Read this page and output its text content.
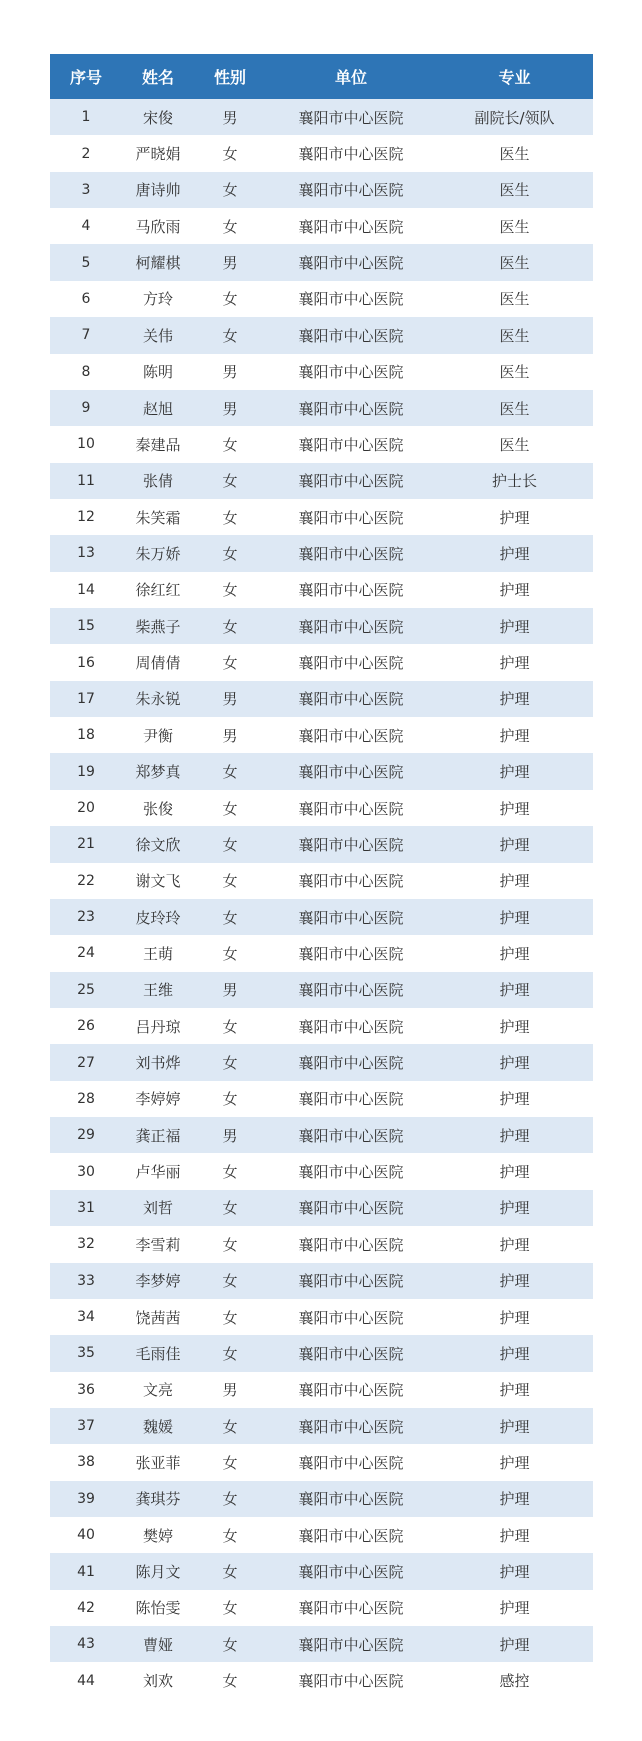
序号	姓名	性别	单位	专业
1	宋俊	男	襄阳市中心医院	副院长/领队
2	严晓娟	女	襄阳市中心医院	医生
3	唐诗帅	女	襄阳市中心医院	医生
4	马欣雨	女	襄阳市中心医院	医生
5	柯耀棋	男	襄阳市中心医院	医生
6	方玲	女	襄阳市中心医院	医生
7	关伟	女	襄阳市中心医院	医生
8	陈明	男	襄阳市中心医院	医生
9	赵旭	男	襄阳市中心医院	医生
10	秦建品	女	襄阳市中心医院	医生
11	张倩	女	襄阳市中心医院	护士长
12	朱笑霜	女	襄阳市中心医院	护理
13	朱万娇	女	襄阳市中心医院	护理
14	徐红红	女	襄阳市中心医院	护理
15	柴燕子	女	襄阳市中心医院	护理
16	周倩倩	女	襄阳市中心医院	护理
17	朱永锐	男	襄阳市中心医院	护理
18	尹衡	男	襄阳市中心医院	护理
19	郑梦真	女	襄阳市中心医院	护理
20	张俊	女	襄阳市中心医院	护理
21	徐文欣	女	襄阳市中心医院	护理
22	谢文飞	女	襄阳市中心医院	护理
23	皮玲玲	女	襄阳市中心医院	护理
24	王萌	女	襄阳市中心医院	护理
25	王维	男	襄阳市中心医院	护理
26	吕丹琼	女	襄阳市中心医院	护理
27	刘书烨	女	襄阳市中心医院	护理
28	李婷婷	女	襄阳市中心医院	护理
29	龚正福	男	襄阳市中心医院	护理
30	卢华丽	女	襄阳市中心医院	护理
31	刘哲	女	襄阳市中心医院	护理
32	李雪莉	女	襄阳市中心医院	护理
33	李梦婷	女	襄阳市中心医院	护理
34	饶茜茜	女	襄阳市中心医院	护理
35	毛雨佳	女	襄阳市中心医院	护理
36	文亮	男	襄阳市中心医院	护理
37	魏媛	女	襄阳市中心医院	护理
38	张亚菲	女	襄阳市中心医院	护理
39	龚琪芬	女	襄阳市中心医院	护理
40	樊婷	女	襄阳市中心医院	护理
41	陈月文	女	襄阳市中心医院	护理
42	陈怡雯	女	襄阳市中心医院	护理
43	曹娅	女	襄阳市中心医院	护理
44	刘欢	女	襄阳市中心医院	感控
